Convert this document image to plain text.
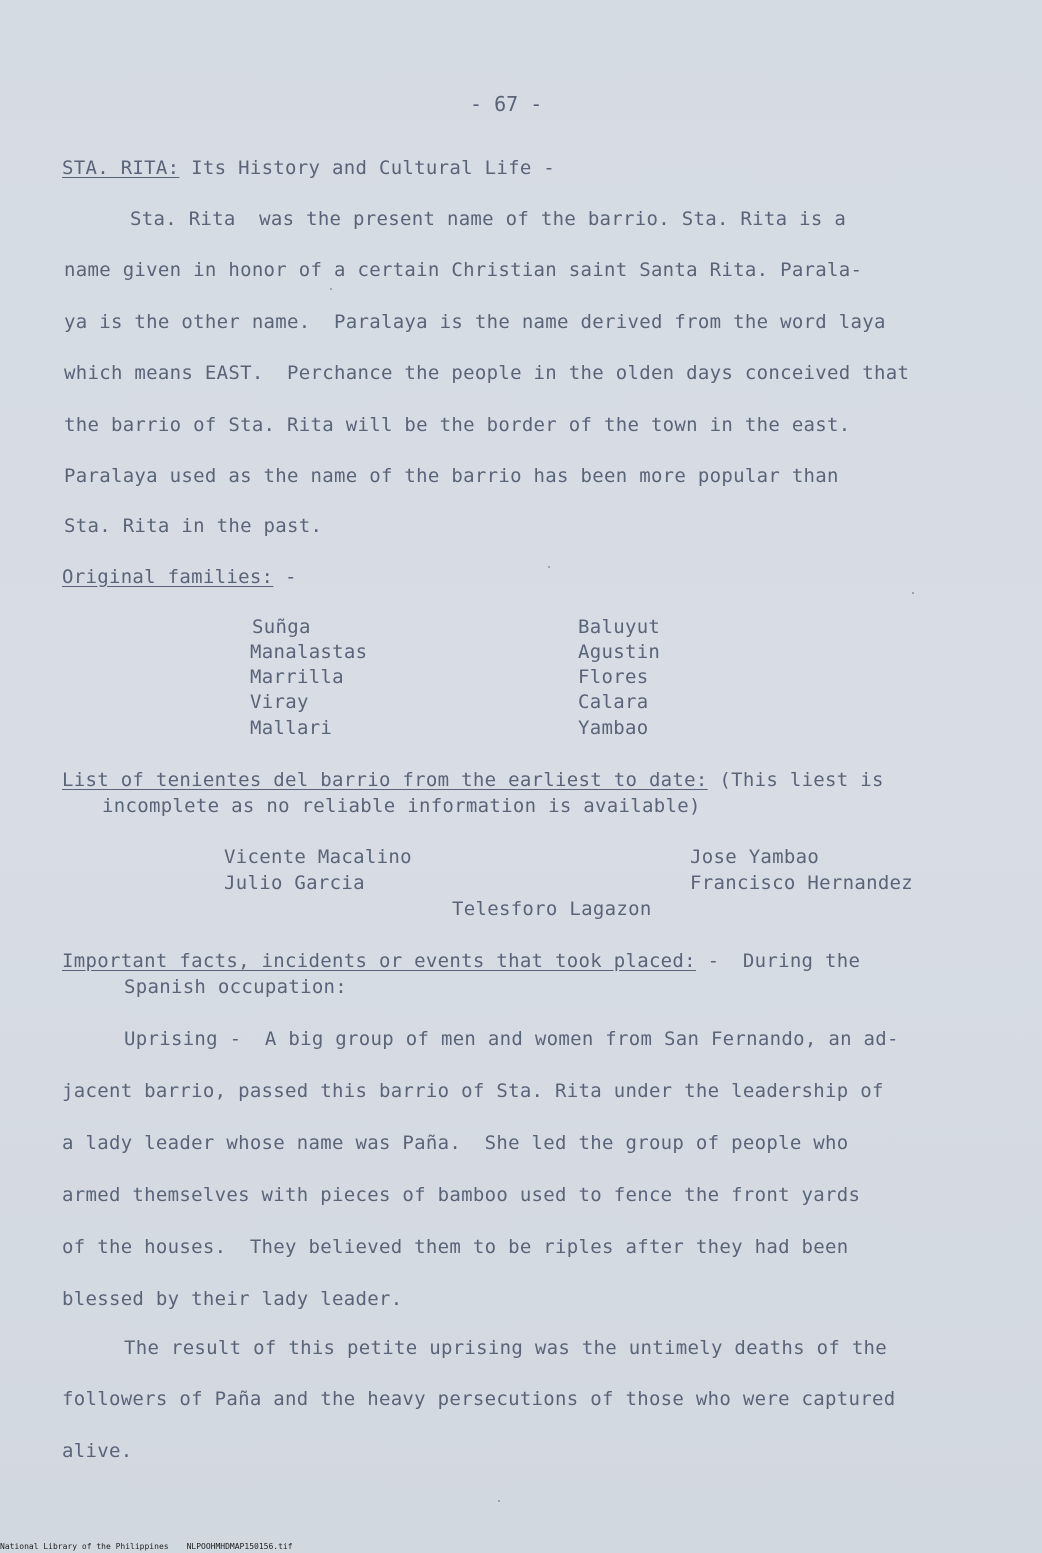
- 67 -
STA. RITA: Its History and Cultural Life -
Sta. Rita  was the present name of the barrio. Sta. Rita is a
name given in honor of a certain Christian saint Santa Rita. Parala-
ya is the other name.  Paralaya is the name derived from the word laya
which means EAST.  Perchance the people in the olden days conceived that
the barrio of Sta. Rita will be the border of the town in the east.
Paralaya used as the name of the barrio has been more popular than
Sta. Rita in the past.
Original families: -
Suñga
Manalastas
Marrilla
Viray
Mallari
Baluyut
Agustin
Flores
Calara
Yambao
List of tenientes del barrio from the earliest to date: (This liest is
incomplete as no reliable information is available)
Vicente Macalino
Julio Garcia
Jose Yambao
Francisco Hernandez
Telesforo Lagazon
Important facts, incidents or events that took placed: -  During the
Spanish occupation:
Uprising -  A big group of men and women from San Fernando, an ad-
jacent barrio, passed this barrio of Sta. Rita under the leadership of
a lady leader whose name was Paña.  She led the group of people who
armed themselves with pieces of bamboo used to fence the front yards
of the houses.  They believed them to be riples after they had been
blessed by their lady leader.
The result of this petite uprising was the untimely deaths of the
followers of Paña and the heavy persecutions of those who were captured
alive.
National Library of the Philippines NLPOOHMHDMAP150156.tif
